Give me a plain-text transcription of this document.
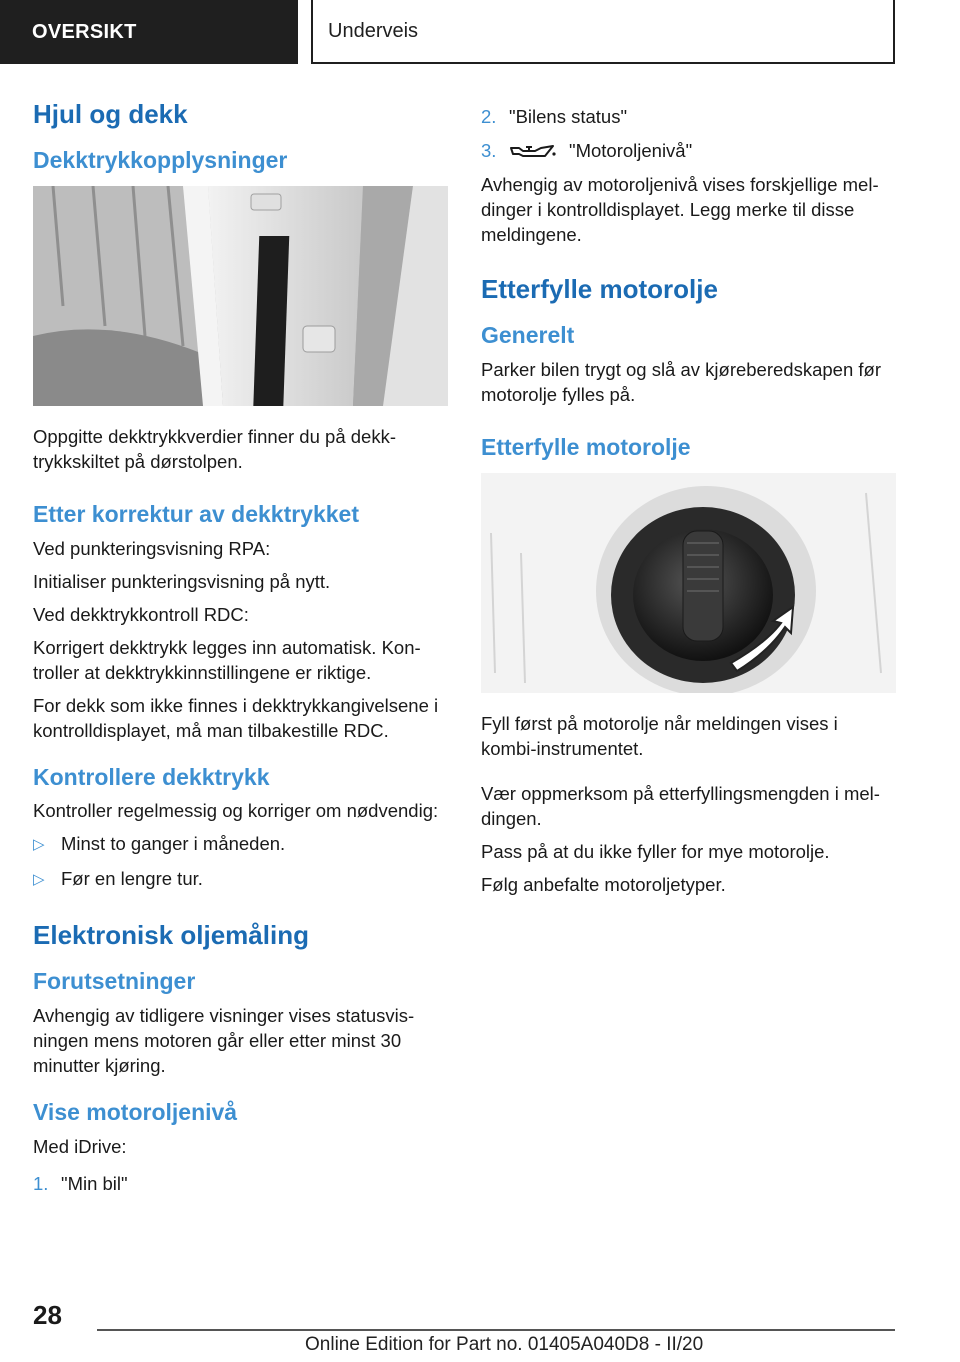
OVERSIKT	Underveis
Hjul og dekk
Dekktrykkopplysninger

Oppgitte dekktrykkverdier finner du på dekktrykkskiltet på dørstolpen.

Etter korrektur av dekktrykket

Ved punkteringsvisning RPA:

Initialiser punkteringsvisning på nytt.

Ved dekktrykkontroll RDC:

Korrigert dekktrykk legges inn automatisk. Kontroller at dekktrykkinnstillingene er riktige.

For dekk som ikke finnes i dekktrykkangivelsene i kontrolldisplayet, må man tilbakestille RDC.

Kontrollere dekktrykk

Kontroller regelmessig og korriger om nødvendig:

▷ Minst to ganger i måneden.
▷ Før en lengre tur.
Elektronisk oljemåling
Forutsetninger

Avhengig av tidligere visninger vises statusvisningen mens motoren går eller etter minst 30 minutter kjøring.

Vise motoroljenivå

Med iDrive:

1. "Min bil"
2. "Bilens status"
3.	"Motoroljenivå"

Avhengig av motoroljenivå vises forskjellige meldinger i kontrolldisplayet. Legg merke til disse meldingene.

Etterfylle motorolje
Generelt

Parker bilen trygt og slå av kjøreberedskapen før motorolje fylles på.

Etterfylle motorolje

Fyll først på motorolje når meldingen vises i kombi-instrumentet.

Vær oppmerksom på etterfyllingsmengden i meldingen.

Pass på at du ikke fyller for mye motorolje.

Følg anbefalte motoroljetyper.

28
Online Edition for Part no. 01405A040D8 - II/20
